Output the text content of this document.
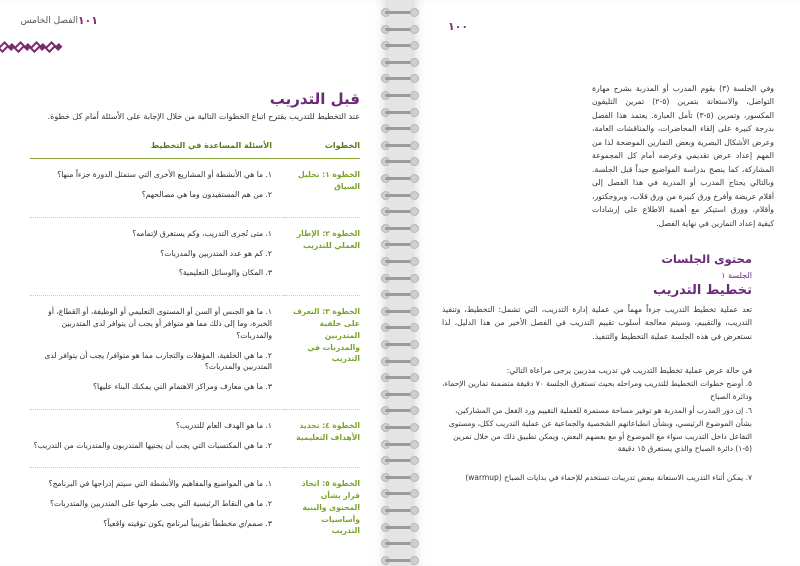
١٠١
الفصل الخامس
قبل التدريب
عند التخطيط للتدريب يقترح اتباع الخطوات التالية من خلال الإجابة على الأسئلة أمام كل خطوة.
الخطوات	الأسئلة المساعدة في التخطيط
الخطوة ١: تحليل السياق	١. ما هي الأنشطة أو المشاريع الأخرى التي ستمثل الدورة جزءاً منها؟

٢. من هم المستفيدون وما هي مصالحهم؟

الخطوة ٢: الإطار العملي للتدريب	١. متى تُجرى التدريب، وكم يستغرق لإتمامه؟

٢. كم هو عدد المتدربين والمدربات؟

٣. المكان والوسائل التعليمية؟

الخطوة ٣: التعرف على خلفية المتدربين والمدربات في التدريب	١. ما هو الجنس أو السن أو المستوى التعليمي أو الوظيفة، أو القطاع، أو الخبرة، وما إلى ذلك مما هو متوافر أو يجب أن يتوافر لدى المتدربين والمدربات؟

٢. ما هي الخلفية، المؤهلات والتجارب مما هو متوافر/ يجب أن يتوافر لدى المتدربين والمدربات؟

٣. ما هي معارف ومراكز الاهتمام التي يمكنك البناء عليها؟

الخطوة ٤: تحديد الأهداف التعليمية	١. ما هو الهدف العام للتدريب؟

٢. ما هي المكتسبات التي يجب أن يجنيها المتدربون والمتدربات من التدريب؟

الخطوة ٥: اتخاذ قرار بشأن المحتوى والبنية وأساسيات التدريب	١. ما هي المواضيع والمفاهيم والأنشطة التي سيتم إدراجها في البرنامج؟

٢. ما هي النقاط الرئيسية التي يجب طرحها على المتدربين والمتدربات؟

٣. صمم/ي مخططاً تقريبياً لبرنامج يكون توقيته واقعياً؟

١٠٠
وفي الجلسة (٣) يقوم المدرب أو المدربة بشرح مهارة التواصل، والاستعانة بتمرين (٥-٢) تمرين التليفون المكسور، وتمرين (٥-٣) تأمل العبارة. يعتمد هذا الفصل بدرجة كبيرة على إلقاء المحاضرات، والمناقشات العامة، وعرض الأشكال البصرية وبعض التمارين الموضحة لذا من المهم إعداد عرض تقديمي وعرضه أمام كل المجموعة المشاركة، كما ينصح بدراسة المواضيع جيداً قبل الجلسة. وبالتالي يحتاج المدرب أو المدربة في هذا الفصل إلى أقلام عريضة وأفرخ ورق كبيرة من ورق قلاب، وبروجكتور، وأقلام، وورق استيكر مع أهمية الاطلاع على إرشادات كيفية إعداد التمارين في نهاية الفصل.
محتوى الجلسات
الجلسة ١
تخطيط التدريب
تعد عملية تخطيط التدريب جزءاً مهماً من عملية إدارة التدريب، التي تشمل: التخطيط، وتنفيذ التدريب، والتقييم، وسيتم معالجة أسلوب تقييم التدريب في الفصل الأخير من هذا الدليل، لذا نستعرض في هذه الجلسة عملية التخطيط والتنفيذ.
في حالة عرض عملية تخطيط التدريب في تدريب مدربين يرجى مراعاة التالي:
٥. أوضح خطوات التخطيط للتدريب ومراحله بحيث تستغرق الجلسة ٧٠ دقيقة متضمنة تمارين الإحماء، ودائرة الصباح
٦. إن دور المدرب أو المدربة هو توفير مساحة مستمرة للعملية التقييم ورد الفعل من المشاركين، بشأن الموضوع الرئيسي، وبشأن انطباعاتهم الشخصية والجماعية عن عملية التدريب ككل، ومستوى التفاعل داخل التدريب سواء مع الموضوع أو مع بعضهم البعض، ويمكن تطبيق ذلك من خلال تمرين (٥-١) دائرة الصباح والذي يستغرق ١٥ دقيقة
٧. يمكن أثناء التدريب الاستعانة ببعض تدريبات تستخدم للإحماء في بدايات الصباح (warmup)
